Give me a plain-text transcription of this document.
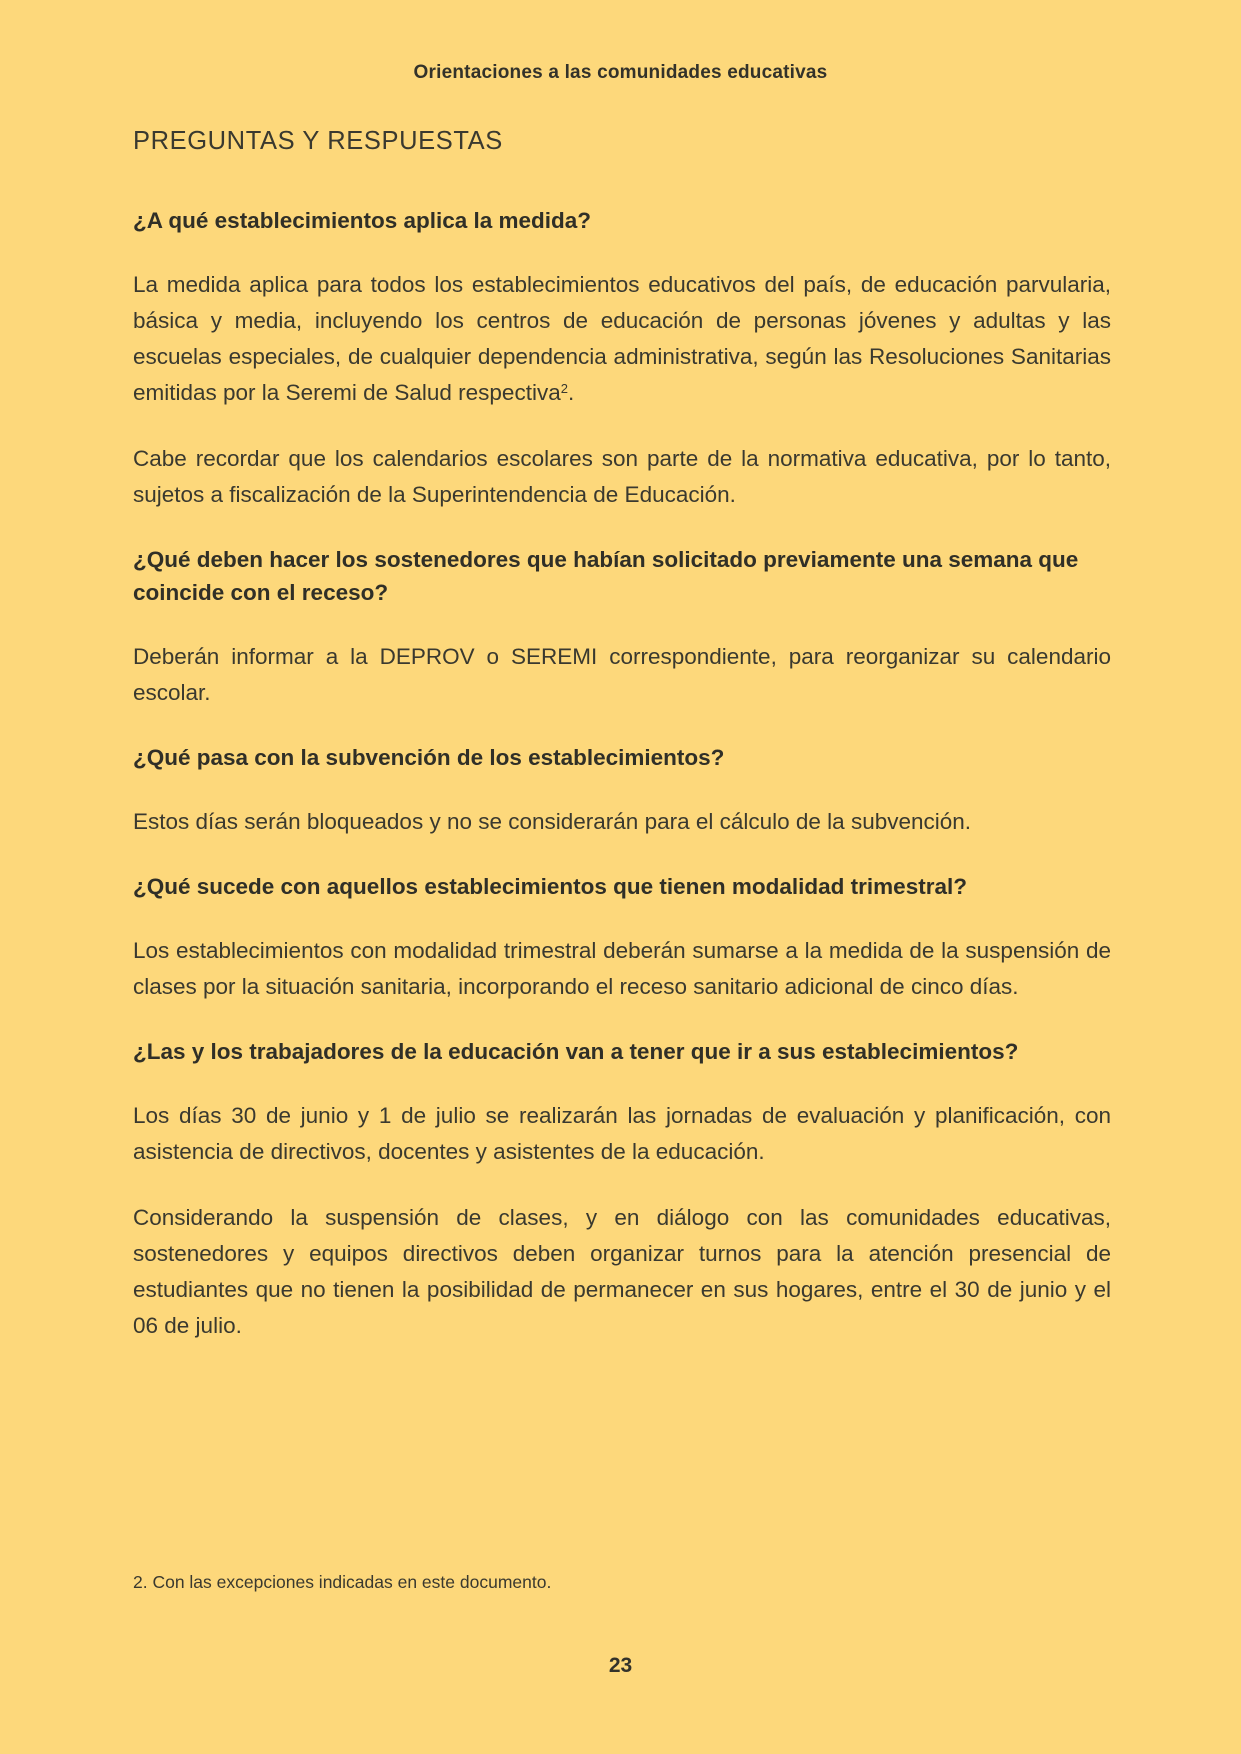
Orientaciones a las comunidades educativas
PREGUNTAS Y RESPUESTAS
¿A qué establecimientos aplica la medida?

La medida aplica para todos los establecimientos educativos del país, de educación parvularia, básica y media, incluyendo los centros de educación de personas jóvenes y adultas y las escuelas especiales, de cualquier dependencia administrativa, según las Resoluciones Sanitarias emitidas por la Seremi de Salud respectiva$^2$.

Cabe recordar que los calendarios escolares son parte de la normativa educativa, por lo tanto, sujetos a fiscalización de la Superintendencia de Educación.

¿Qué deben hacer los sostenedores que habían solicitado previamente una semana que coincide con el receso?

Deberán informar a la DEPROV o SEREMI correspondiente, para reorganizar su calendario escolar.

¿Qué pasa con la subvención de los establecimientos?

Estos días serán bloqueados y no se considerarán para el cálculo de la subvención.

¿Qué sucede con aquellos establecimientos que tienen modalidad trimestral?

Los establecimientos con modalidad trimestral deberán sumarse a la medida de la suspensión de clases por la situación sanitaria, incorporando el receso sanitario adicional de cinco días.

¿Las y los trabajadores de la educación van a tener que ir a sus establecimientos?

Los días 30 de junio y 1 de julio se realizarán las jornadas de evaluación y planificación, con asistencia de directivos, docentes y asistentes de la educación.

Considerando la suspensión de clases, y en diálogo con las comunidades educativas, sostenedores y equipos directivos deben organizar turnos para la atención presencial de estudiantes que no tienen la posibilidad de permanecer en sus hogares, entre el 30 de junio y el 06 de julio.

2. Con las excepciones indicadas en este documento.
23
